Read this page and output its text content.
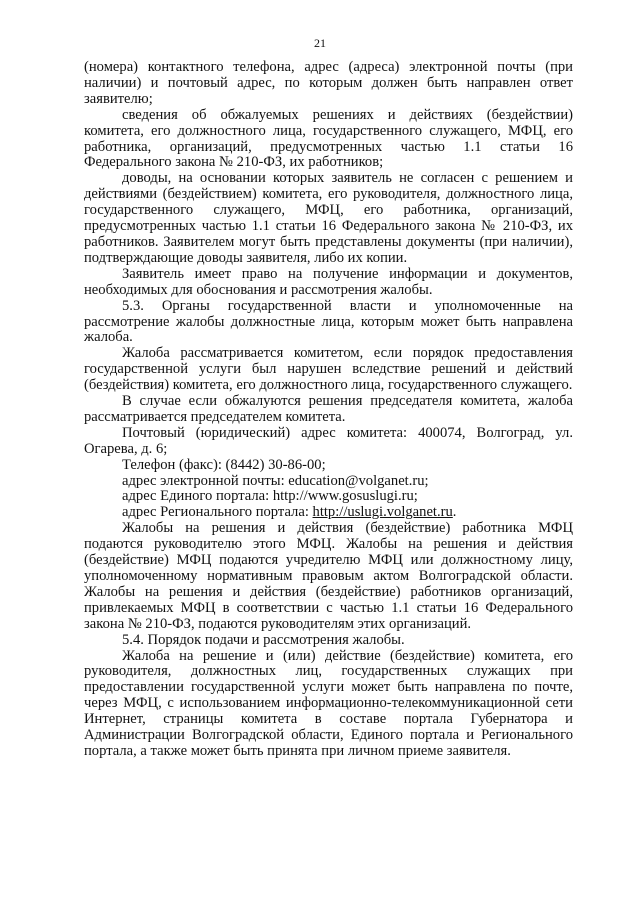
21

(номера) контактного телефона, адрес (адреса) электронной почты (при наличии) и почтовый адрес, по которым должен быть направлен ответ заявителю;

сведения об обжалуемых решениях и действиях (бездействии) комитета, его должностного лица, государственного служащего, МФЦ, его работника, организаций, предусмотренных частью 1.1 статьи 16 Федерального закона № 210-ФЗ, их работников;

доводы, на основании которых заявитель не согласен с решением и действиями (бездействием) комитета, его руководителя, должностного лица, государственного служащего, МФЦ, его работника, организаций, предусмотренных частью 1.1 статьи 16 Федерального закона № 210-ФЗ, их работников. Заявителем могут быть представлены документы (при наличии), подтверждающие доводы заявителя, либо их копии.

Заявитель имеет право на получение информации и документов, необходимых для обоснования и рассмотрения жалобы.

5.3. Органы государственной власти и уполномоченные на рассмотрение жалобы должностные лица, которым может быть направлена жалоба.

Жалоба рассматривается комитетом, если порядок предоставления государственной услуги был нарушен вследствие решений и действий (бездействия) комитета, его должностного лица, государственного служащего.

В случае если обжалуются решения председателя комитета, жалоба рассматривается председателем комитета.

Почтовый (юридический) адрес комитета: 400074, Волгоград, ул. Огарева, д. 6;

Телефон (факс): (8442) 30-86-00;

адрес электронной почты: education@volganet.ru;

адрес Единого портала: http://www.gosuslugi.ru;

адрес Регионального портала: http://uslugi.volganet.ru.

Жалобы на решения и действия (бездействие) работника МФЦ подаются руководителю этого МФЦ. Жалобы на решения и действия (бездействие) МФЦ подаются учредителю МФЦ или должностному лицу, уполномоченному нормативным правовым актом Волгоградской области. Жалобы на решения и действия (бездействие) работников организаций, привлекаемых МФЦ в соответствии с частью 1.1 статьи 16 Федерального закона № 210-ФЗ, подаются руководителям этих организаций.

5.4. Порядок подачи и рассмотрения жалобы.

Жалоба на решение и (или) действие (бездействие) комитета, его руководителя, должностных лиц, государственных служащих при предоставлении государственной услуги может быть направлена по почте, через МФЦ, с использованием информационно-телекоммуникационной сети Интернет, страницы комитета в составе портала Губернатора и Администрации Волгоградской области, Единого портала и Регионального портала, а также может быть принята при личном приеме заявителя.
